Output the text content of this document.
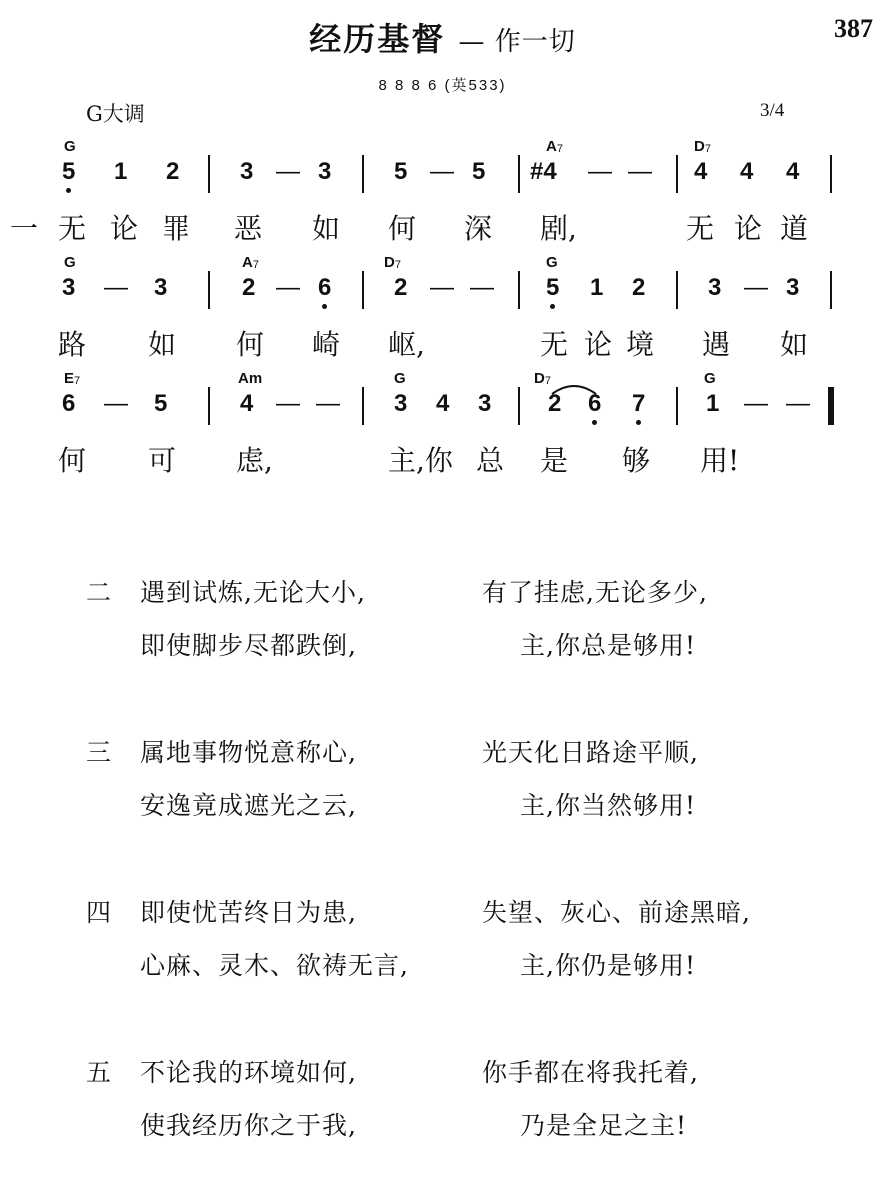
经历基督 — 作一切	387
8 8 8 6 (英533)
G大调	3/4
G	$A_7$	$D_7$
5 1 2	3 — 3	5 — 5 #4 — — 4 4 4
一 无 论 罪 恶 如 何 深 剧,	无 论 道
G	$A_7$	$D_7$	G
3 — 3	2 — 6	2 — — 5 1 2	3 — 3
路 如 何 崎 岖,	无 论 境 遇 如
$E_7$	Am	G	$D_7$	G
6 — 5	4 — — 3 4 3 2 6 7	1 — —
何 可 虑,	主,你 总 是 够 用!
二 遇到试炼,无论大小,	有了挂虑,无论多少,
即使脚步尽都跌倒,	主,你总是够用!
三 属地事物悦意称心,	光天化日路途平顺,
安逸竟成遮光之云,	主,你当然够用!
四 即使忧苦终日为患,	失望、灰心、前途黑暗,
心麻、灵木、欲祷无言,	主,你仍是够用!
五 不论我的环境如何,	你手都在将我托着,
使我经历你之于我,	乃是全足之主!
